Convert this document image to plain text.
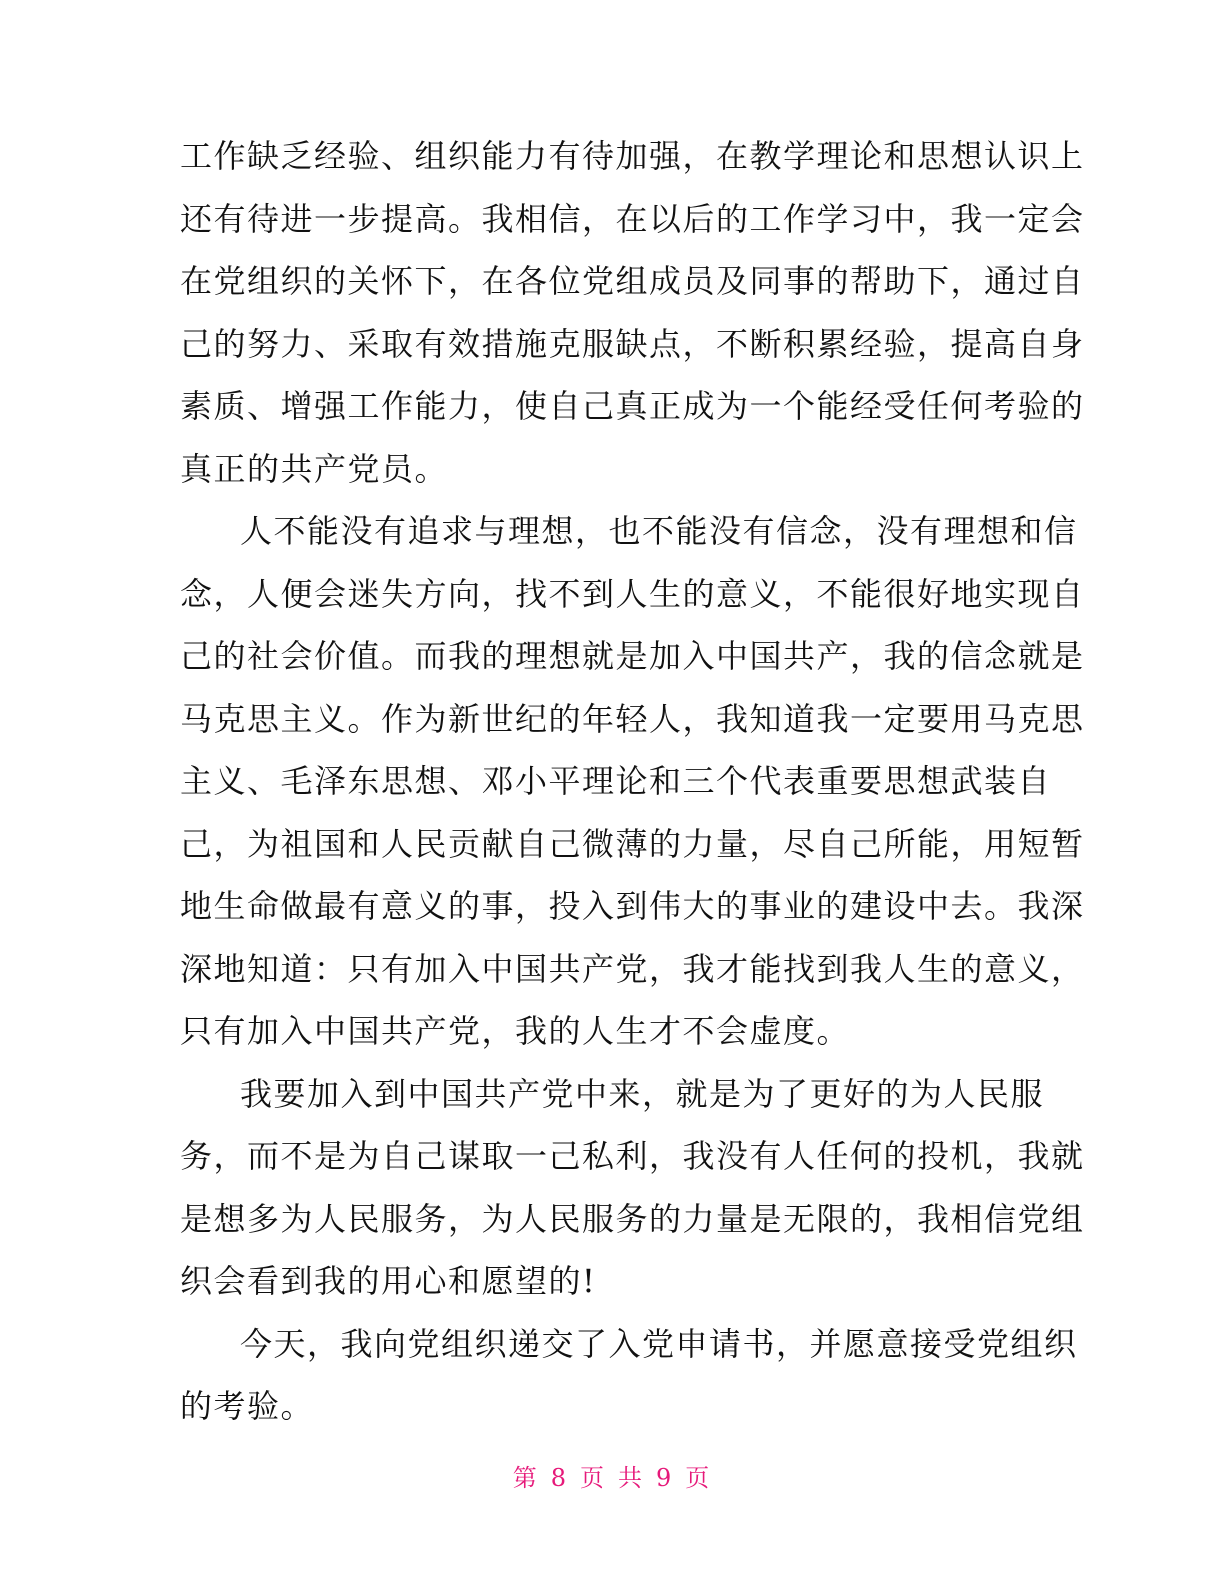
工作缺乏经验、组织能力有待加强，在教学理论和思想认识上
还有待进一步提高。我相信，在以后的工作学习中，我一定会
在党组织的关怀下，在各位党组成员及同事的帮助下，通过自
己的努力、采取有效措施克服缺点，不断积累经验，提高自身
素质、增强工作能力，使自己真正成为一个能经受任何考验的
真正的共产党员。
人不能没有追求与理想，也不能没有信念，没有理想和信
念，人便会迷失方向，找不到人生的意义，不能很好地实现自
己的社会价值。而我的理想就是加入中国共产，我的信念就是
马克思主义。作为新世纪的年轻人，我知道我一定要用马克思
主义、毛泽东思想、邓小平理论和三个代表重要思想武装自
己，为祖国和人民贡献自己微薄的力量，尽自己所能，用短暂
地生命做最有意义的事，投入到伟大的事业的建设中去。我深
深地知道：只有加入中国共产党，我才能找到我人生的意义，
只有加入中国共产党，我的人生才不会虚度。
我要加入到中国共产党中来，就是为了更好的为人民服
务，而不是为自己谋取一己私利，我没有人任何的投机，我就
是想多为人民服务，为人民服务的力量是无限的，我相信党组
织会看到我的用心和愿望的!
今天，我向党组织递交了入党申请书，并愿意接受党组织
的考验。
第 8 页 共 9 页
